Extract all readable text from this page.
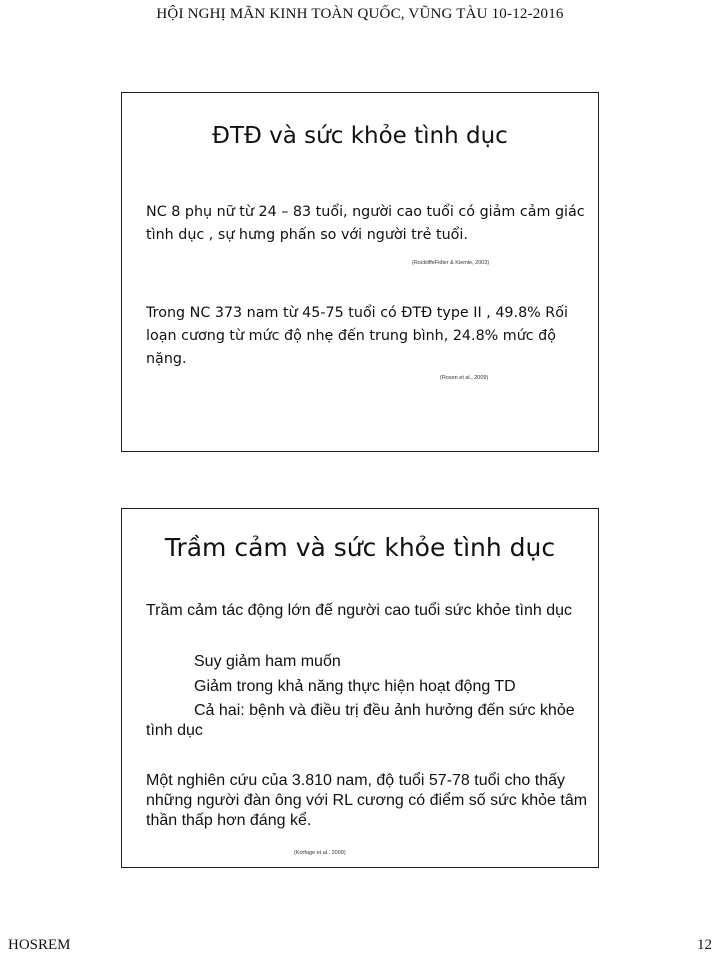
HỘI NGHỊ MÃN KINH TOÀN QUỐC, VŨNG TÀU 10-12-2016
ĐTĐ và sức khỏe tình dục
NC 8 phụ nữ từ 24 – 83 tuổi, người cao tuổi có giảm cảm giác tình dục , sự hưng phấn so với người trẻ tuổi.
(RockliffeFidler & Kiemle, 2003)
Trong NC 373 nam từ 45-75 tuổi có ĐTĐ type II , 49.8% Rối loạn cương từ mức độ nhẹ đến trung bình, 24.8% mức độ nặng.
(Rosen et al., 2009)
Trầm cảm và sức khỏe tình dục
Trầm cảm tác động lớn đế người cao tuổi sức khỏe tình dục
Suy giảm ham muốn
Giảm trong khả năng thực hiện hoạt động TD
Cả hai: bệnh và điều trị đều ảnh hưởng đến sức khỏe tình dục
Một nghiên cứu của 3.810 nam, độ tuổi 57-78 tuổi cho thấy những người đàn ông với RL cương có điểm số sức khỏe tâm thần thấp hơn đáng kể.
(Korfage et al., 2009)
HOSREM	12
